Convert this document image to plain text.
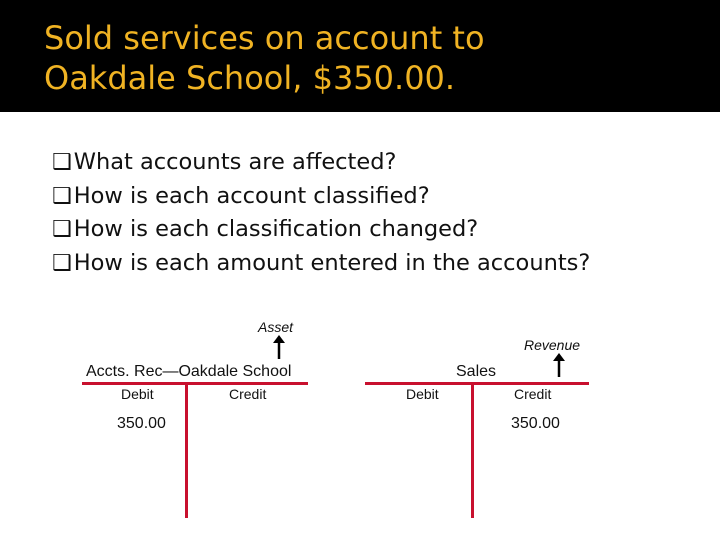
Sold services on account to
Oakdale School, $350.00.
❑What accounts are affected?
❑How is each account classified?
❑How is each classification changed?
❑How is each amount entered in the accounts?
Asset
Accts. Rec—Oakdale School
Debit	Credit
350.00
Revenue
Sales
Debit	Credit
350.00
